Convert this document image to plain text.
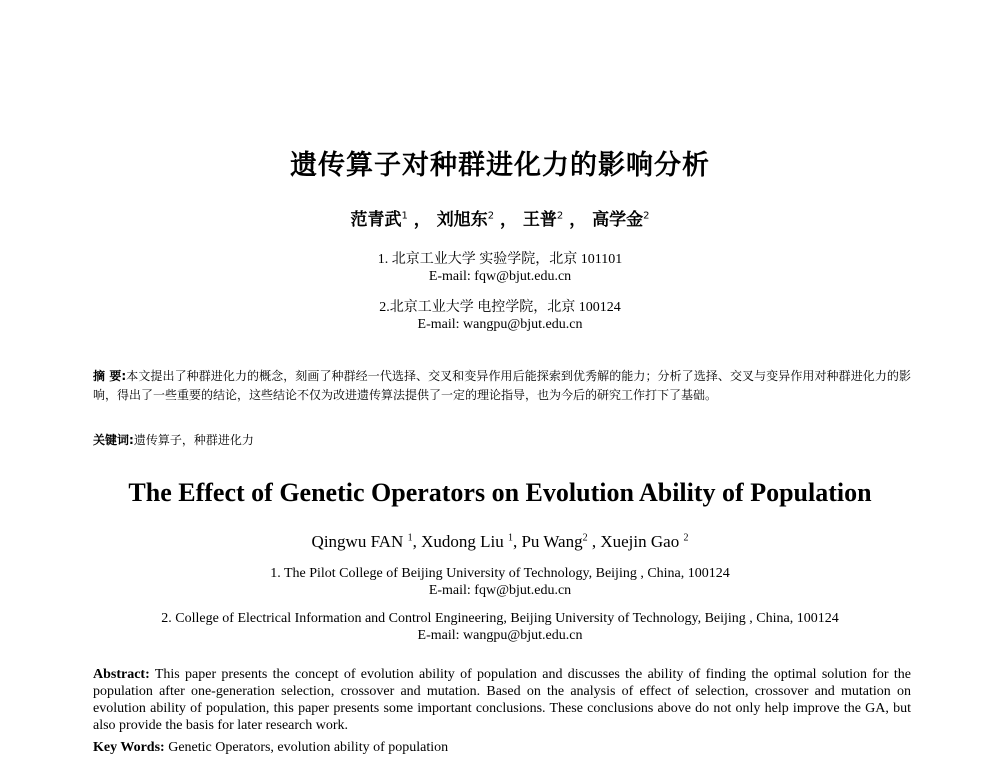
遗传算子对种群进化力的影响分析
范青武$^1$ ， 刘旭东$^2$ ， 王普$^2$ ， 高学金$^2$
1. 北京工业大学 实验学院，北京 101101
E-mail: fqw@bjut.edu.cn
2.北京工业大学 电控学院，北京 100124
E-mail: wangpu@bjut.edu.cn
摘 要:本文提出了种群进化力的概念，刻画了种群经一代选择、交叉和变异作用后能探索到优秀解的能力；分析了选择、交叉与变异作用对种群进化力的影响，得出了一些重要的结论，这些结论不仅为改进遗传算法提供了一定的理论指导，也为今后的研究工作打下了基础。
关键词:遗传算子，种群进化力
The Effect of Genetic Operators on Evolution Ability of Population
Qingwu FAN $^1$, Xudong Liu $^1$, Pu Wang$^2$ , Xuejin Gao $^2$
1. The Pilot College of Beijing University of Technology, Beijing , China, 100124
E-mail: fqw@bjut.edu.cn
2. College of Electrical Information and Control Engineering, Beijing University of Technology, Beijing , China, 100124
E-mail: wangpu@bjut.edu.cn
Abstract: This paper presents the concept of evolution ability of population and discusses the ability of finding the optimal solution for the population after one-generation selection, crossover and mutation. Based on the analysis of effect of selection, crossover and mutation on evolution ability of population, this paper presents some important conclusions. These conclusions above do not only help improve the GA, but also provide the basis for later research work.
Key Words: Genetic Operators, evolution ability of population
